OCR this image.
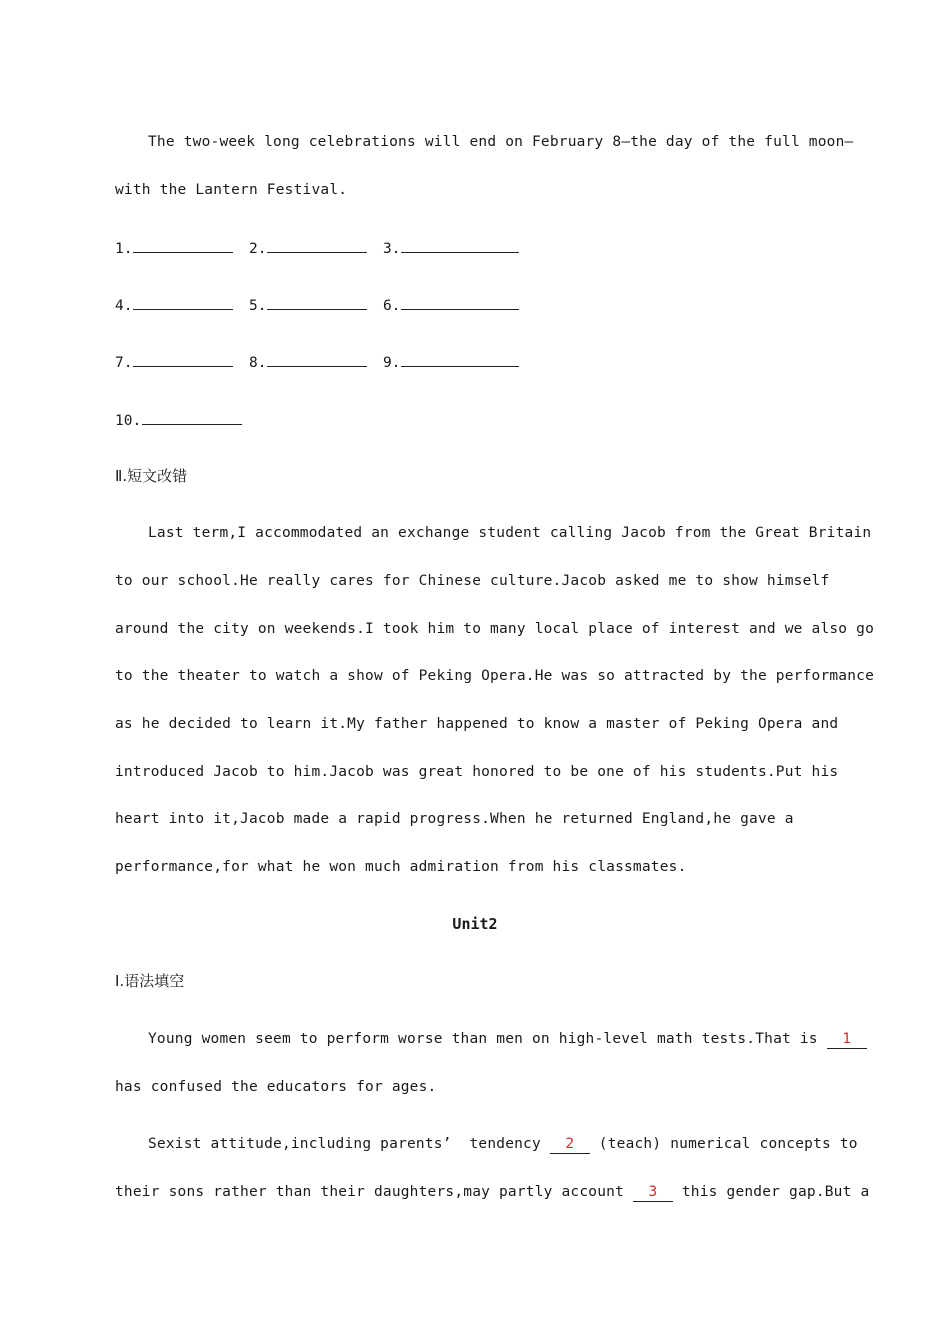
The two-week long celebrations will end on February 8—the day of the full moon—
with the Lantern Festival.
1.	2.	3.
4.	5.	6.
7.	8.	9.
10.
Ⅱ.短文改错
Last term,I accommodated an exchange student calling Jacob from the Great Britain
to our school.He really cares for Chinese culture.Jacob asked me to show himself
around the city on weekends.I took him to many local place of interest and we also go
to the theater to watch a show of Peking Opera.He was so attracted by the performance
as he decided to learn it.My father happened to know a master of Peking Opera and
introduced Jacob to him.Jacob was great honored to be one of his students.Put his
heart into it,Jacob made a rapid progress.When he returned England,he gave a
performance,for what he won much admiration from his classmates.
Unit2
Ⅰ.语法填空
Young women seem to perform worse than men on high-level math tests.That is 1
has confused the educators for ages.
Sexist attitude,including parents’  tendency 2 (teach) numerical concepts to
their sons rather than their daughters,may partly account 3 this gender gap.But a
